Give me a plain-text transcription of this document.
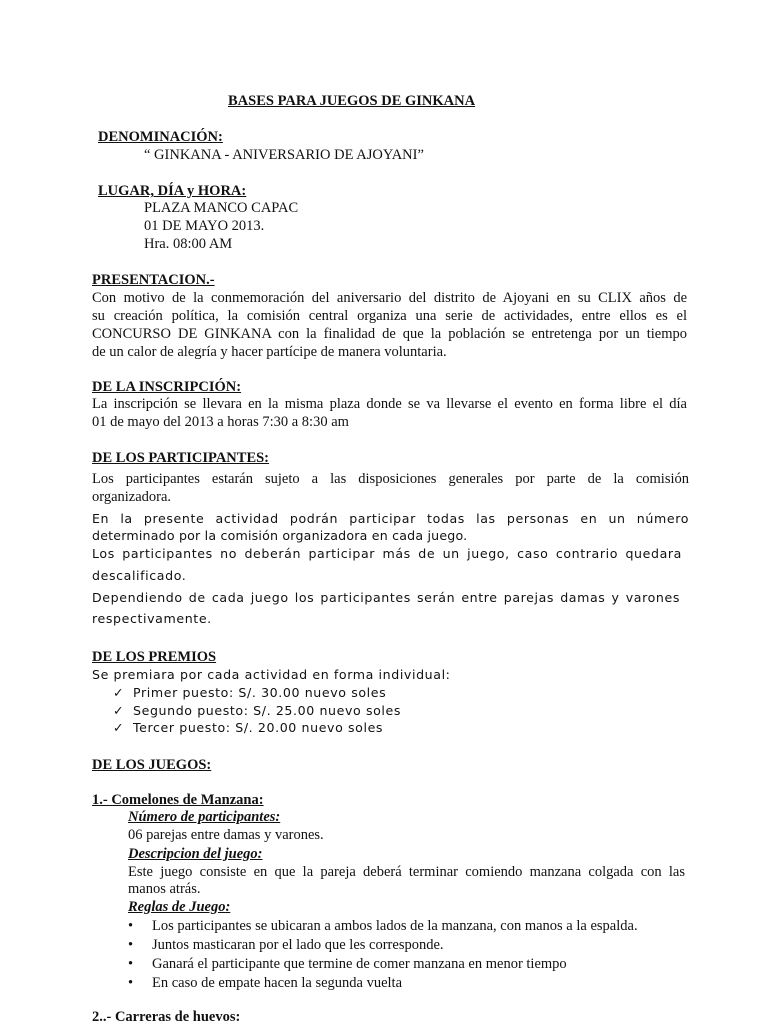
BASES PARA JUEGOS DE GINKANA
DENOMINACIÓN:
“ GINKANA - ANIVERSARIO DE AJOYANI”
LUGAR, DÍA y HORA:
PLAZA MANCO CAPAC
01 DE MAYO 2013.
Hra. 08:00 AM
PRESENTACION.-
Con motivo de la conmemoración del aniversario del distrito de Ajoyani en su CLIX años de
su creación política, la comisión central organiza una serie de actividades, entre ellos es el
CONCURSO DE GINKANA con la finalidad de que la población se entretenga por un tiempo
de un calor de alegría y hacer partícipe de manera voluntaria.
DE LA INSCRIPCIÓN:
La inscripción se llevara en la misma plaza donde se va llevarse el evento en forma libre el día
01 de mayo del 2013 a horas 7:30 a 8:30 am
DE LOS PARTICIPANTES:
Los participantes estarán sujeto a las disposiciones generales por parte de la comisión
organizadora.
En la presente actividad podrán participar todas las personas en un número
determinado por la comisión organizadora en cada juego.
Los participantes no deberán participar más de un juego, caso contrario quedara
descalificado.
Dependiendo de cada juego los participantes serán entre parejas damas y varones
respectivamente.
DE LOS PREMIOS
Se premiara por cada actividad en forma individual:
✓ Primer puesto: S/. 30.00 nuevo soles
✓ Segundo puesto: S/. 25.00 nuevo soles
✓ Tercer puesto: S/. 20.00 nuevo soles
DE LOS JUEGOS:
1.- Comelones de Manzana:
Número de participantes:
06 parejas entre damas y varones.
Descripcion del juego:
Este juego consiste en que la pareja deberá terminar comiendo manzana colgada con las
manos atrás.
Reglas de Juego:
• Los participantes se ubicaran a ambos lados de la manzana, con manos a la espalda.
• Juntos masticaran por el lado que les corresponde.
• Ganará el participante que termine de comer manzana en menor tiempo
• En caso de empate hacen la segunda vuelta
2..- Carreras de huevos:
